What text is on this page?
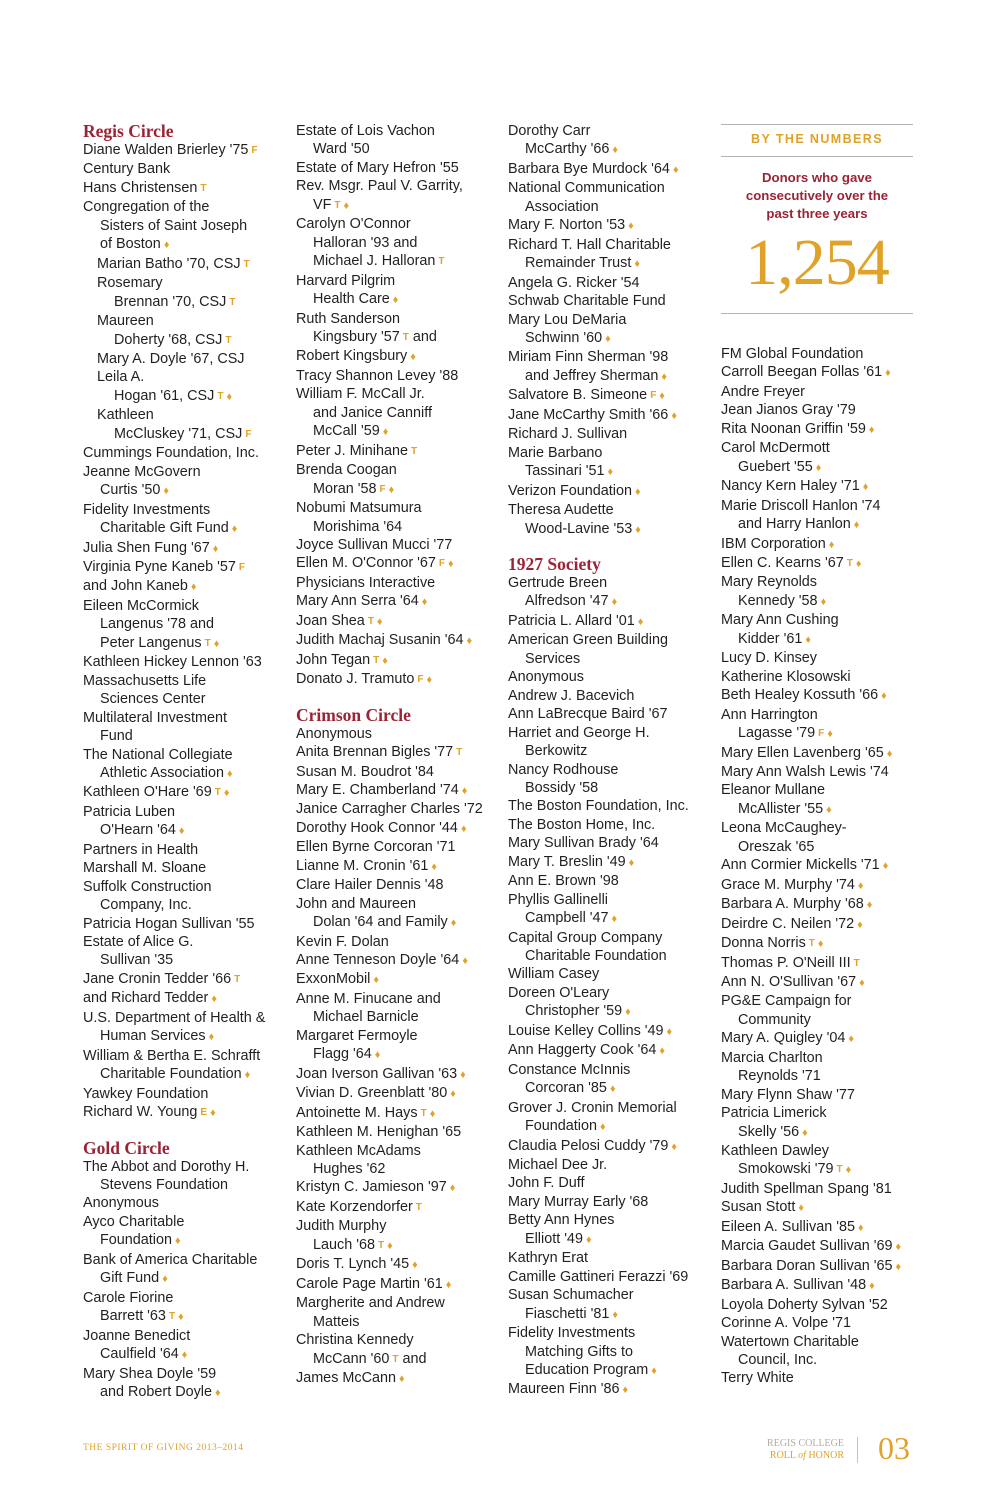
Regis Circle
Diane Walden Brierley '75 F
Century Bank
Hans Christensen T
Congregation of the
Sisters of Saint Joseph
of Boston ♦
Marian Batho '70, CSJ T
Rosemary
Brennan '70, CSJ T
Maureen
Doherty '68, CSJ T
Mary A. Doyle '67, CSJ
Leila A.
Hogan '61, CSJ T ♦
Kathleen
McCluskey '71, CSJ F
Cummings Foundation, Inc.
Jeanne McGovern
Curtis '50 ♦
Fidelity Investments
Charitable Gift Fund ♦
Julia Shen Fung '67 ♦
Virginia Pyne Kaneb '57 F
and John Kaneb ♦
Eileen McCormick
Langenus '78 and
Peter Langenus T ♦
Kathleen Hickey Lennon '63
Massachusetts Life
Sciences Center
Multilateral Investment
Fund
The National Collegiate
Athletic Association ♦
Kathleen O'Hare '69 T ♦
Patricia Luben
O'Hearn '64 ♦
Partners in Health
Marshall M. Sloane
Suffolk Construction
Company, Inc.
Patricia Hogan Sullivan '55
Estate of Alice G.
Sullivan '35
Jane Cronin Tedder '66 T
and Richard Tedder ♦
U.S. Department of Health &
Human Services ♦
William & Bertha E. Schrafft
Charitable Foundation ♦
Yawkey Foundation
Richard W. Young E ♦
Gold Circle
The Abbot and Dorothy H.
Stevens Foundation
Anonymous
Ayco Charitable
Foundation ♦
Bank of America Charitable
Gift Fund ♦
Carole Fiorine
Barrett '63 T ♦
Joanne Benedict
Caulfield '64 ♦
Mary Shea Doyle '59
and Robert Doyle ♦
Estate of Lois Vachon
Ward '50
Estate of Mary Hefron '55
Rev. Msgr. Paul V. Garrity,
VF T ♦
Carolyn O'Connor
Halloran '93 and
Michael J. Halloran T
Harvard Pilgrim
Health Care ♦
Ruth Sanderson
Kingsbury '57 T and
Robert Kingsbury ♦
Tracy Shannon Levey '88
William F. McCall Jr.
and Janice Canniff
McCall '59 ♦
Peter J. Minihane T
Brenda Coogan
Moran '58 F ♦
Nobumi Matsumura
Morishima '64
Joyce Sullivan Mucci '77
Ellen M. O'Connor '67 F ♦
Physicians Interactive
Mary Ann Serra '64 ♦
Joan Shea T ♦
Judith Machaj Susanin '64 ♦
John Tegan T ♦
Donato J. Tramuto F ♦
Crimson Circle
Anonymous
Anita Brennan Bigles '77 T
Susan M. Boudrot '84
Mary E. Chamberland '74 ♦
Janice Carragher Charles '72
Dorothy Hook Connor '44 ♦
Ellen Byrne Corcoran '71
Lianne M. Cronin '61 ♦
Clare Hailer Dennis '48
John and Maureen
Dolan '64 and Family ♦
Kevin F. Dolan
Anne Tenneson Doyle '64 ♦
ExxonMobil ♦
Anne M. Finucane and
Michael Barnicle
Margaret Fermoyle
Flagg '64 ♦
Joan Iverson Gallivan '63 ♦
Vivian D. Greenblatt '80 ♦
Antoinette M. Hays T ♦
Kathleen M. Henighan '65
Kathleen McAdams
Hughes '62
Kristyn C. Jamieson '97 ♦
Kate Korzendorfer T
Judith Murphy
Lauch '68 T ♦
Doris T. Lynch '45 ♦
Carole Page Martin '61 ♦
Margherite and Andrew
Matteis
Christina Kennedy
McCann '60 T and
James McCann ♦
Dorothy Carr
McCarthy '66 ♦
Barbara Bye Murdock '64 ♦
National Communication
Association
Mary F. Norton '53 ♦
Richard T. Hall Charitable
Remainder Trust ♦
Angela G. Ricker '54
Schwab Charitable Fund
Mary Lou DeMaria
Schwinn '60 ♦
Miriam Finn Sherman '98
and Jeffrey Sherman ♦
Salvatore B. Simeone F ♦
Jane McCarthy Smith '66 ♦
Richard J. Sullivan
Marie Barbano
Tassinari '51 ♦
Verizon Foundation ♦
Theresa Audette
Wood-Lavine '53 ♦
1927 Society
Gertrude Breen
Alfredson '47 ♦
Patricia L. Allard '01 ♦
American Green Building
Services
Anonymous
Andrew J. Bacevich
Ann LaBrecque Baird '67
Harriet and George H.
Berkowitz
Nancy Rodhouse
Bossidy '58
The Boston Foundation, Inc.
The Boston Home, Inc.
Mary Sullivan Brady '64
Mary T. Breslin '49 ♦
Ann E. Brown '98
Phyllis Gallinelli
Campbell '47 ♦
Capital Group Company
Charitable Foundation
William Casey
Doreen O'Leary
Christopher '59 ♦
Louise Kelley Collins '49 ♦
Ann Haggerty Cook '64 ♦
Constance McInnis
Corcoran '85 ♦
Grover J. Cronin Memorial
Foundation ♦
Claudia Pelosi Cuddy '79 ♦
Michael Dee Jr.
John F. Duff
Mary Murray Early '68
Betty Ann Hynes
Elliott '49 ♦
Kathryn Erat
Camille Gattineri Ferazzi '69
Susan Schumacher
Fiaschetti '81 ♦
Fidelity Investments
Matching Gifts to
Education Program ♦
Maureen Finn '86 ♦
BY THE NUMBERS
Donors who gave consecutively over the past three years
1,254
FM Global Foundation
Carroll Beegan Follas '61 ♦
Andre Freyer
Jean Jianos Gray '79
Rita Noonan Griffin '59 ♦
Carol McDermott
Guebert '55 ♦
Nancy Kern Haley '71 ♦
Marie Driscoll Hanlon '74
and Harry Hanlon ♦
IBM Corporation ♦
Ellen C. Kearns '67 T ♦
Mary Reynolds
Kennedy '58 ♦
Mary Ann Cushing
Kidder '61 ♦
Lucy D. Kinsey
Katherine Klosowski
Beth Healey Kossuth '66 ♦
Ann Harrington
Lagasse '79 F ♦
Mary Ellen Lavenberg '65 ♦
Mary Ann Walsh Lewis '74
Eleanor Mullane
McAllister '55 ♦
Leona McCaughey-
Oreszak '65
Ann Cormier Mickells '71 ♦
Grace M. Murphy '74 ♦
Barbara A. Murphy '68 ♦
Deirdre C. Neilen '72 ♦
Donna Norris T ♦
Thomas P. O'Neill III T
Ann N. O'Sullivan '67 ♦
PG&E Campaign for
Community
Mary A. Quigley '04 ♦
Marcia Charlton
Reynolds '71
Mary Flynn Shaw '77
Patricia Limerick
Skelly '56 ♦
Kathleen Dawley
Smokowski '79 T ♦
Judith Spellman Spang '81
Susan Stott ♦
Eileen A. Sullivan '85 ♦
Marcia Gaudet Sullivan '69 ♦
Barbara Doran Sullivan '65 ♦
Barbara A. Sullivan '48 ♦
Loyola Doherty Sylvan '52
Corinne A. Volpe '71
Watertown Charitable
Council, Inc.
Terry White
THE SPIRIT OF GIVING 2013–2014	REGIS COLLEGE
ROLL of HONOR 03
